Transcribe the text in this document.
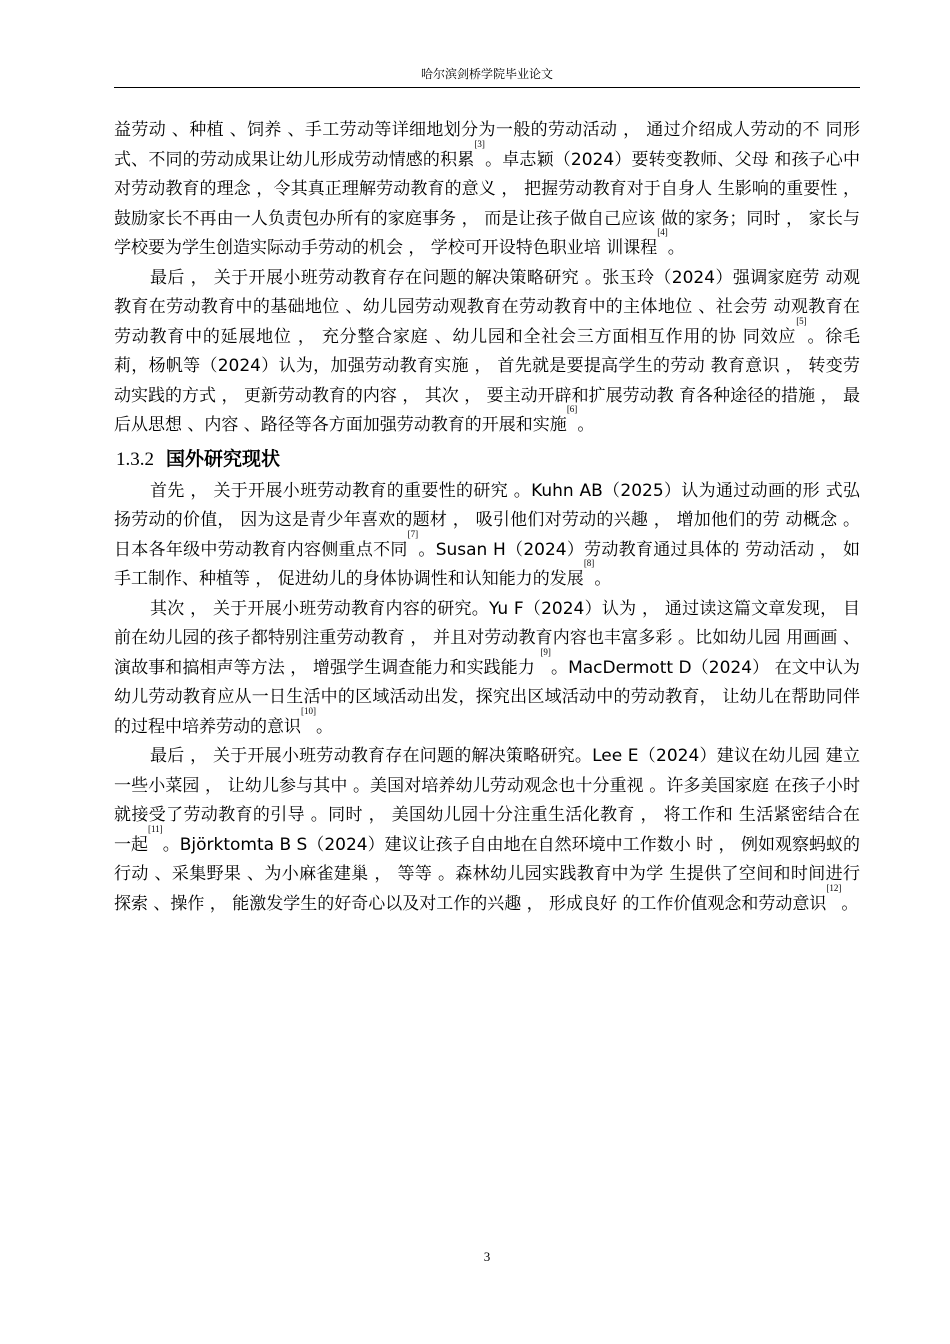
哈尔滨剑桥学院毕业论文

益劳动 、种植 、饲养 、手工劳动等详细地划分为一般的劳动活动 ， 通过介绍成人劳动的不 同形式、不同的劳动成果让幼儿形成劳动情感的积累[3]。卓志颖（2024）要转变教师、父母 和孩子心中对劳动教育的理念 ，令其真正理解劳动教育的意义 ， 把握劳动教育对于自身人 生影响的重要性 ， 鼓励家长不再由一人负责包办所有的家庭事务 ， 而是让孩子做自己应该 做的家务；同时 ， 家长与学校要为学生创造实际动手劳动的机会 ， 学校可开设特色职业培 训课程[4]。

最后 ， 关于开展小班劳动教育存在问题的解决策略研究 。张玉玲（2024）强调家庭劳 动观教育在劳动教育中的基础地位 、幼儿园劳动观教育在劳动教育中的主体地位 、社会劳 动观教育在劳动教育中的延展地位 ， 充分整合家庭 、幼儿园和全社会三方面相互作用的协 同效应[5]。徐毛莉，杨帆等（2024）认为，加强劳动教育实施 ， 首先就是要提高学生的劳动 教育意识 ， 转变劳动实践的方式 ， 更新劳动教育的内容 ， 其次 ， 要主动开辟和扩展劳动教 育各种途径的措施 ， 最后从思想 、内容 、路径等各方面加强劳动教育的开展和实施[6]。

1.3.2 国外研究现状

首先 ， 关于开展小班劳动教育的重要性的研究 。Kuhn AB（2025）认为通过动画的形 式弘扬劳动的价值， 因为这是青少年喜欢的题材 ， 吸引他们对劳动的兴趣 ， 增加他们的劳 动概念 。日本各年级中劳动教育内容侧重点不同[7]。Susan H（2024）劳动教育通过具体的 劳动活动 ， 如手工制作、种植等 ， 促进幼儿的身体协调性和认知能力的发展[8]。

其次 ， 关于开展小班劳动教育内容的研究。Yu F（2024）认为 ， 通过读这篇文章发现， 目前在幼儿园的孩子都特别注重劳动教育 ， 并且对劳动教育内容也丰富多彩 。比如幼儿园 用画画 、演故事和搞相声等方法 ， 增强学生调查能力和实践能力 [9]。MacDermott D（2024） 在文中认为幼儿劳动教育应从一日生活中的区域活动出发，探究出区域活动中的劳动教育， 让幼儿在帮助同伴的过程中培养劳动的意识[10]。

最后 ， 关于开展小班劳动教育存在问题的解决策略研究。Lee E（2024）建议在幼儿园 建立一些小菜园 ， 让幼儿参与其中 。美国对培养幼儿劳动观念也十分重视 。许多美国家庭 在孩子小时就接受了劳动教育的引导 。同时 ， 美国幼儿园十分注重生活化教育 ， 将工作和 生活紧密结合在一起[11]。Björktomta B S（2024）建议让孩子自由地在自然环境中工作数小 时 ， 例如观察蚂蚁的行动 、采集野果 、为小麻雀建巢 ， 等等 。森林幼儿园实践教育中为学 生提供了空间和时间进行探索 、操作 ， 能激发学生的好奇心以及对工作的兴趣 ， 形成良好 的工作价值观念和劳动意识[12]。

3
